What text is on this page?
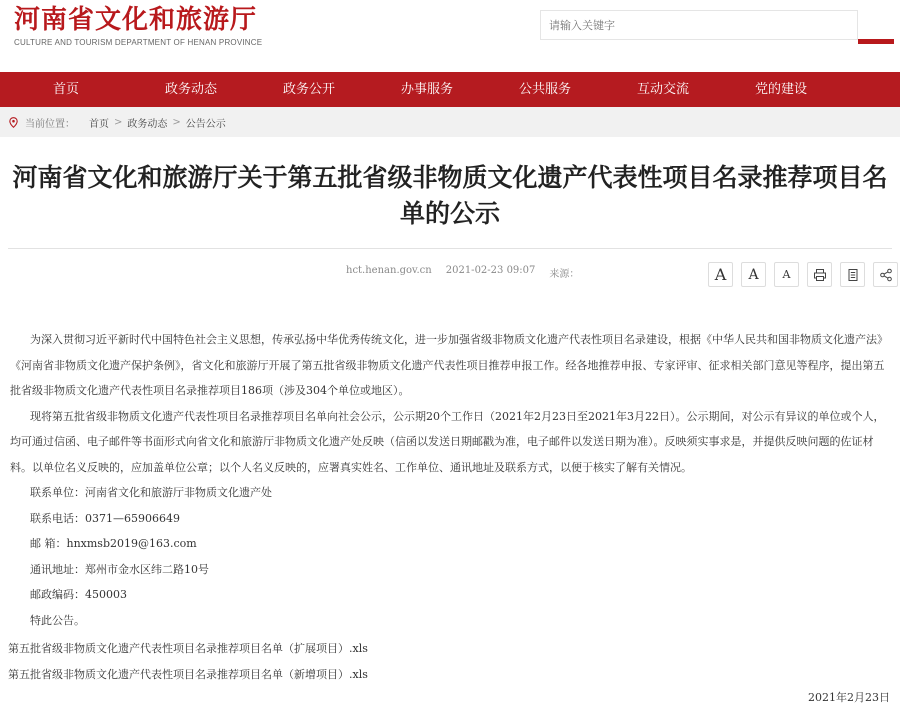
河南省文化和旅游厅
CULTURE AND TOURISM DEPARTMENT OF HENAN PROVINCE
请输入关键字
首页	政务动态	政务公开	办事服务	公共服务	互动交流	党的建设
当前位置： 首页 > 政务动态 > 公告公示
河南省文化和旅游厅关于第五批省级非物质文化遗产代表性项目名录推荐项目名单的公示
hct.henan.gov.cn 2021-02-23 09:07 来源：	A	A	A

为深入贯彻习近平新时代中国特色社会主义思想，传承弘扬中华优秀传统文化，进一步加强省级非物质文化遗产代表性项目名录建设，根据《中华人民共和国非物质文化遗产法》《河南省非物质文化遗产保护条例》，省文化和旅游厅开展了第五批省级非物质文化遗产代表性项目推荐申报工作。经各地推荐申报、专家评审、征求相关部门意见等程序，提出第五批省级非物质文化遗产代表性项目名录推荐项目186项（涉及304个单位或地区）。

现将第五批省级非物质文化遗产代表性项目名录推荐项目名单向社会公示，公示期20个工作日（2021年2月23日至2021年3月22日）。公示期间，对公示有异议的单位或个人，均可通过信函、电子邮件等书面形式向省文化和旅游厅非物质文化遗产处反映（信函以发送日期邮戳为准，电子邮件以发送日期为准）。反映须实事求是，并提供反映问题的佐证材料。以单位名义反映的，应加盖单位公章；以个人名义反映的，应署真实姓名、工作单位、通讯地址及联系方式，以便于核实了解有关情况。

联系单位：河南省文化和旅游厅非物质文化遗产处

联系电话：0371—65906649

邮 箱：hnxmsb2019@163.com

通讯地址：郑州市金水区纬二路10号

邮政编码：450003

特此公告。

第五批省级非物质文化遗产代表性项目名录推荐项目名单（扩展项目）.xls
第五批省级非物质文化遗产代表性项目名录推荐项目名单（新增项目）.xls
2021年2月23日
